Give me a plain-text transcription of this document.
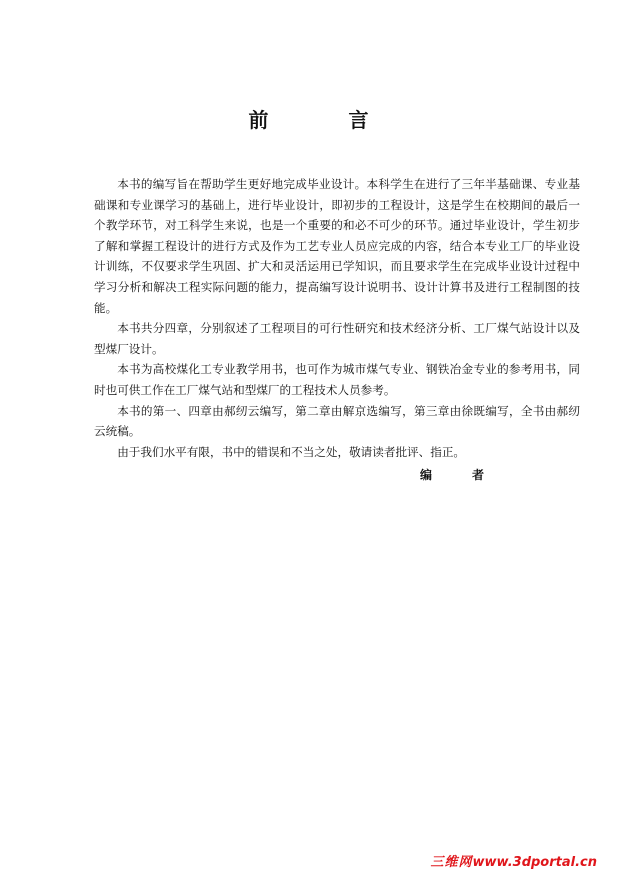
前　言

本书的编写旨在帮助学生更好地完成毕业设计。本科学生在进行了三年半基础课、专业基础课和专业课学习的基础上，进行毕业设计，即初步的工程设计，这是学生在校期间的最后一个教学环节，对工科学生来说，也是一个重要的和必不可少的环节。通过毕业设计，学生初步了解和掌握工程设计的进行方式及作为工艺专业人员应完成的内容，结合本专业工厂的毕业设计训练，不仅要求学生巩固、扩大和灵活运用已学知识，而且要求学生在完成毕业设计过程中学习分析和解决工程实际问题的能力，提高编写设计说明书、设计计算书及进行工程制图的技能。

本书共分四章，分别叙述了工程项目的可行性研究和技术经济分析、工厂煤气站设计以及型煤厂设计。

本书为高校煤化工专业教学用书，也可作为城市煤气专业、钢铁冶金专业的参考用书，同时也可供工作在工厂煤气站和型煤厂的工程技术人员参考。

本书的第一、四章由郝纫云编写，第二章由解京选编写，第三章由徐既编写，全书由郝纫云统稿。

由于我们水平有限，书中的错误和不当之处，敬请读者批评、指正。

编　者

三维网www.3dportal.cn
